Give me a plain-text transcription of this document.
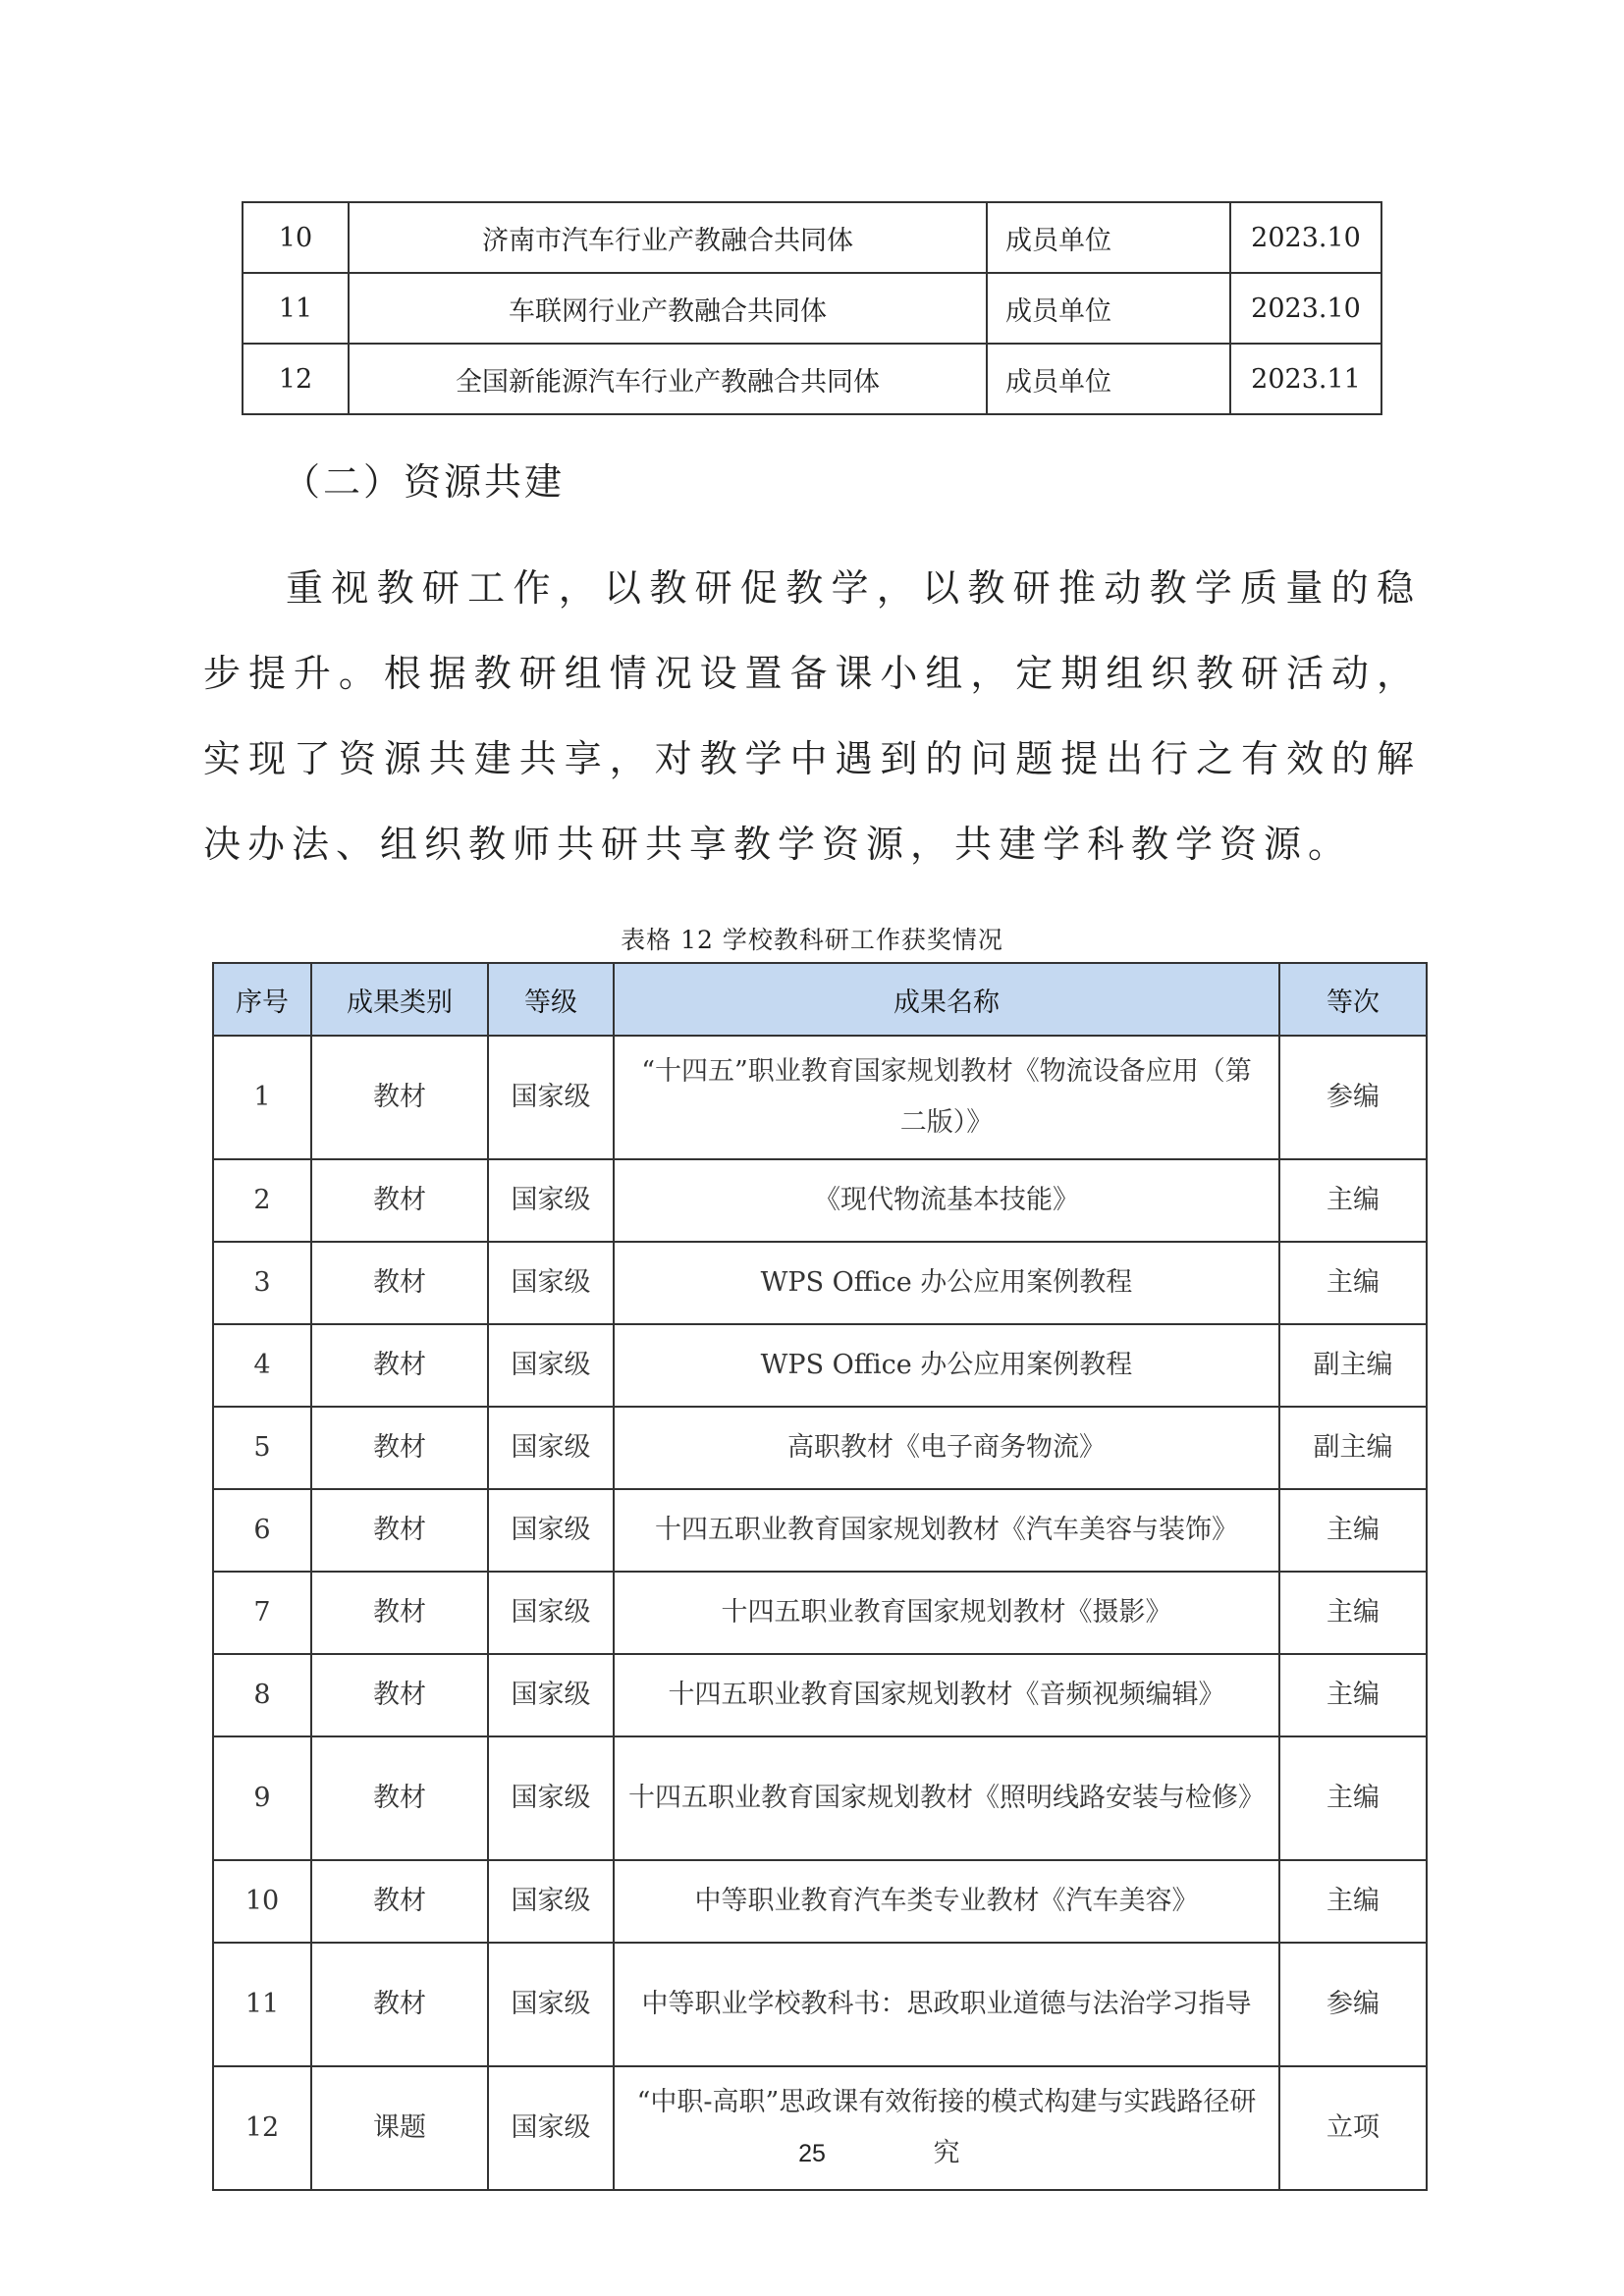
10	济南市汽车行业产教融合共同体	成员单位	2023.10
11	车联网行业产教融合共同体	成员单位	2023.10
12	全国新能源汽车行业产教融合共同体	成员单位	2023.11
（二）资源共建

重视教研工作，以教研促教学，以教研推动教学质量的稳步提升。根据教研组情况设置备课小组，定期组织教研活动，实现了资源共建共享，对教学中遇到的问题提出行之有效的解决办法、组织教师共研共享教学资源，共建学科教学资源。

表格 12 学校教科研工作获奖情况
序号	成果类别	等级	成果名称	等次
1	教材	国家级	“十四五”职业教育国家规划教材《物流设备应用（第二版）》	参编
2	教材	国家级	《现代物流基本技能》	主编
3	教材	国家级	WPS Office 办公应用案例教程	主编
4	教材	国家级	WPS Office 办公应用案例教程	副主编
5	教材	国家级	高职教材《电子商务物流》	副主编
6	教材	国家级	十四五职业教育国家规划教材《汽车美容与装饰》	主编
7	教材	国家级	十四五职业教育国家规划教材《摄影》	主编
8	教材	国家级	十四五职业教育国家规划教材《音频视频编辑》	主编
9	教材	国家级	十四五职业教育国家规划教材《照明线路安装与检修》	主编
10	教材	国家级	中等职业教育汽车类专业教材《汽车美容》	主编
11	教材	国家级	中等职业学校教科书：思政职业道德与法治学习指导	参编
12	课题	国家级	“中职-高职”思政课有效衔接的模式构建与实践路径研究	立项
25
